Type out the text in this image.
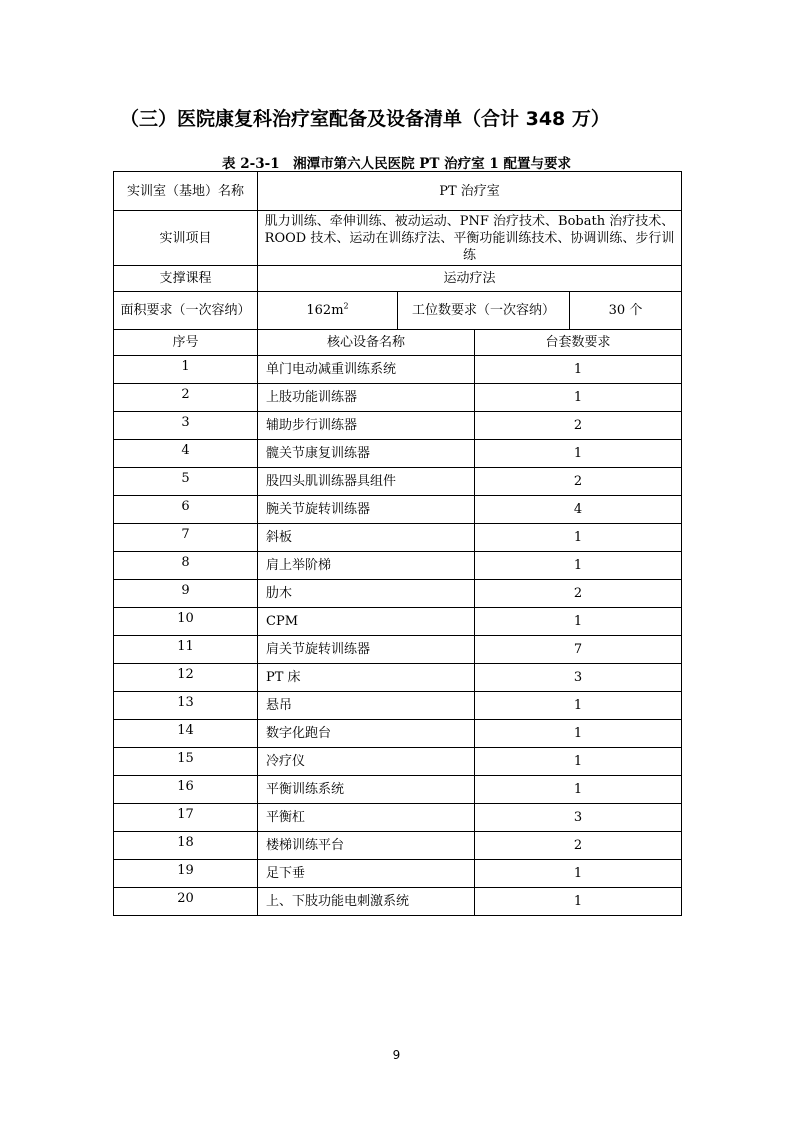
（三）医院康复科治疗室配备及设备清单（合计 348 万）
表 2-3-1　湘潭市第六人民医院 PT 治疗室 1 配置与要求
实训室（基地）名称	PT 治疗室			
实训项目	肌力训练、牵伸训练、被动运动、PNF 治疗技术、Bobath 治疗技术、ROOD 技术、运动在训练疗法、平衡功能训练技术、协调训练、步行训练			
支撑课程	运动疗法			
面积要求（一次容纳）	$162m^2$	工位数要求（一次容纳）		30 个
序号	核心设备名称		台套数要求	
1	单门电动减重训练系统		1	
2	上肢功能训练器		1	
3	辅助步行训练器		2	
4	髋关节康复训练器		1	
5	股四头肌训练器具组件		2	
6	腕关节旋转训练器		4	
7	斜板		1	
8	肩上举阶梯		1	
9	肋木		2	
10	CPM		1	
11	肩关节旋转训练器		7	
12	PT 床		3	
13	悬吊		1	
14	数字化跑台		1	
15	冷疗仪		1	
16	平衡训练系统		1	
17	平衡杠		3	
18	楼梯训练平台		2	
19	足下垂		1	
20	上、下肢功能电刺激系统		1	
9
